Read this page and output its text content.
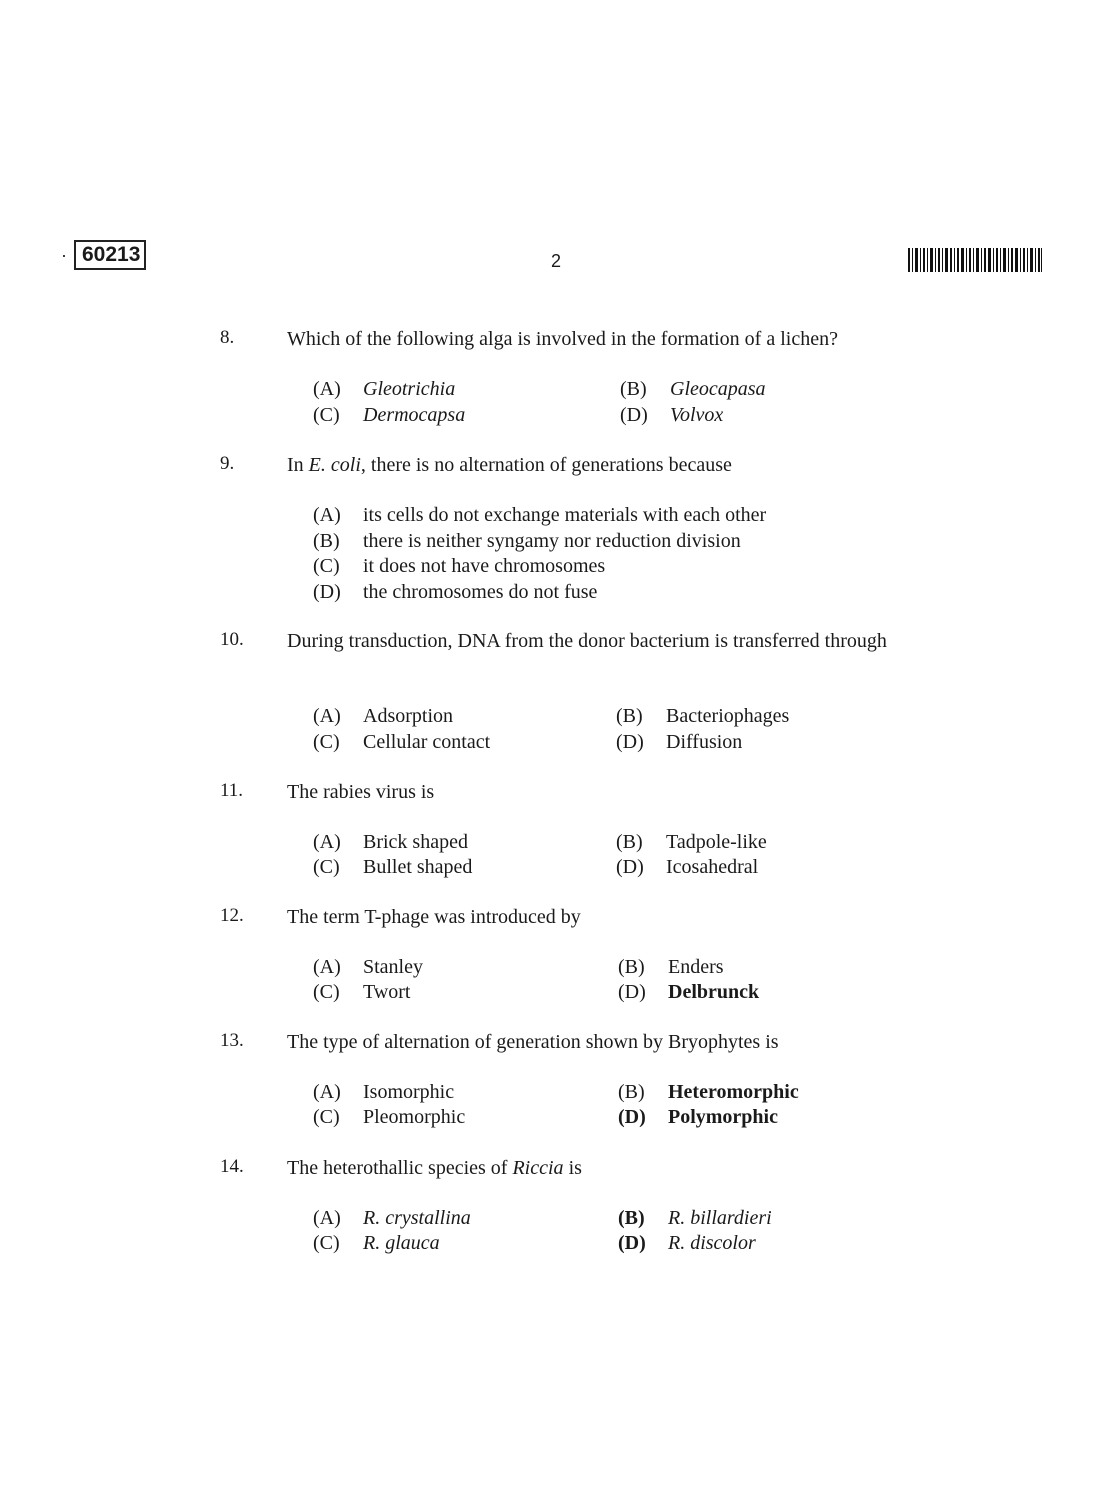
· 60213	2
8.	Which of the following alga is involved in the formation of a lichen?
(A) Gleotrichia	(B) Gleocapasa
(C) Dermocapsa	(D) Volvox
9.	In E. coli, there is no alternation of generations because
(A) its cells do not exchange materials with each other
(B) there is neither syngamy nor reduction division
(C) it does not have chromosomes
(D) the chromosomes do not fuse
10. During transduction, DNA from the donor bacterium is transferred through
(A) Adsorption	(B) Bacteriophages
(C) Cellular contact	(D) Diffusion
11. The rabies virus is
(A) Brick shaped	(B) Tadpole-like
(C) Bullet shaped	(D) Icosahedral
12. The term T-phage was introduced by
(A) Stanley	(B) Enders
(C) Twort	(D) Delbrunck
13. The type of alternation of generation shown by Bryophytes is
(A) Isomorphic	(B) Heteromorphic
(C) Pleomorphic	(D) Polymorphic
14. The heterothallic species of Riccia is
(A) R. crystallina	(B) R. billardieri
(C) R. glauca	(D) R. discolor
